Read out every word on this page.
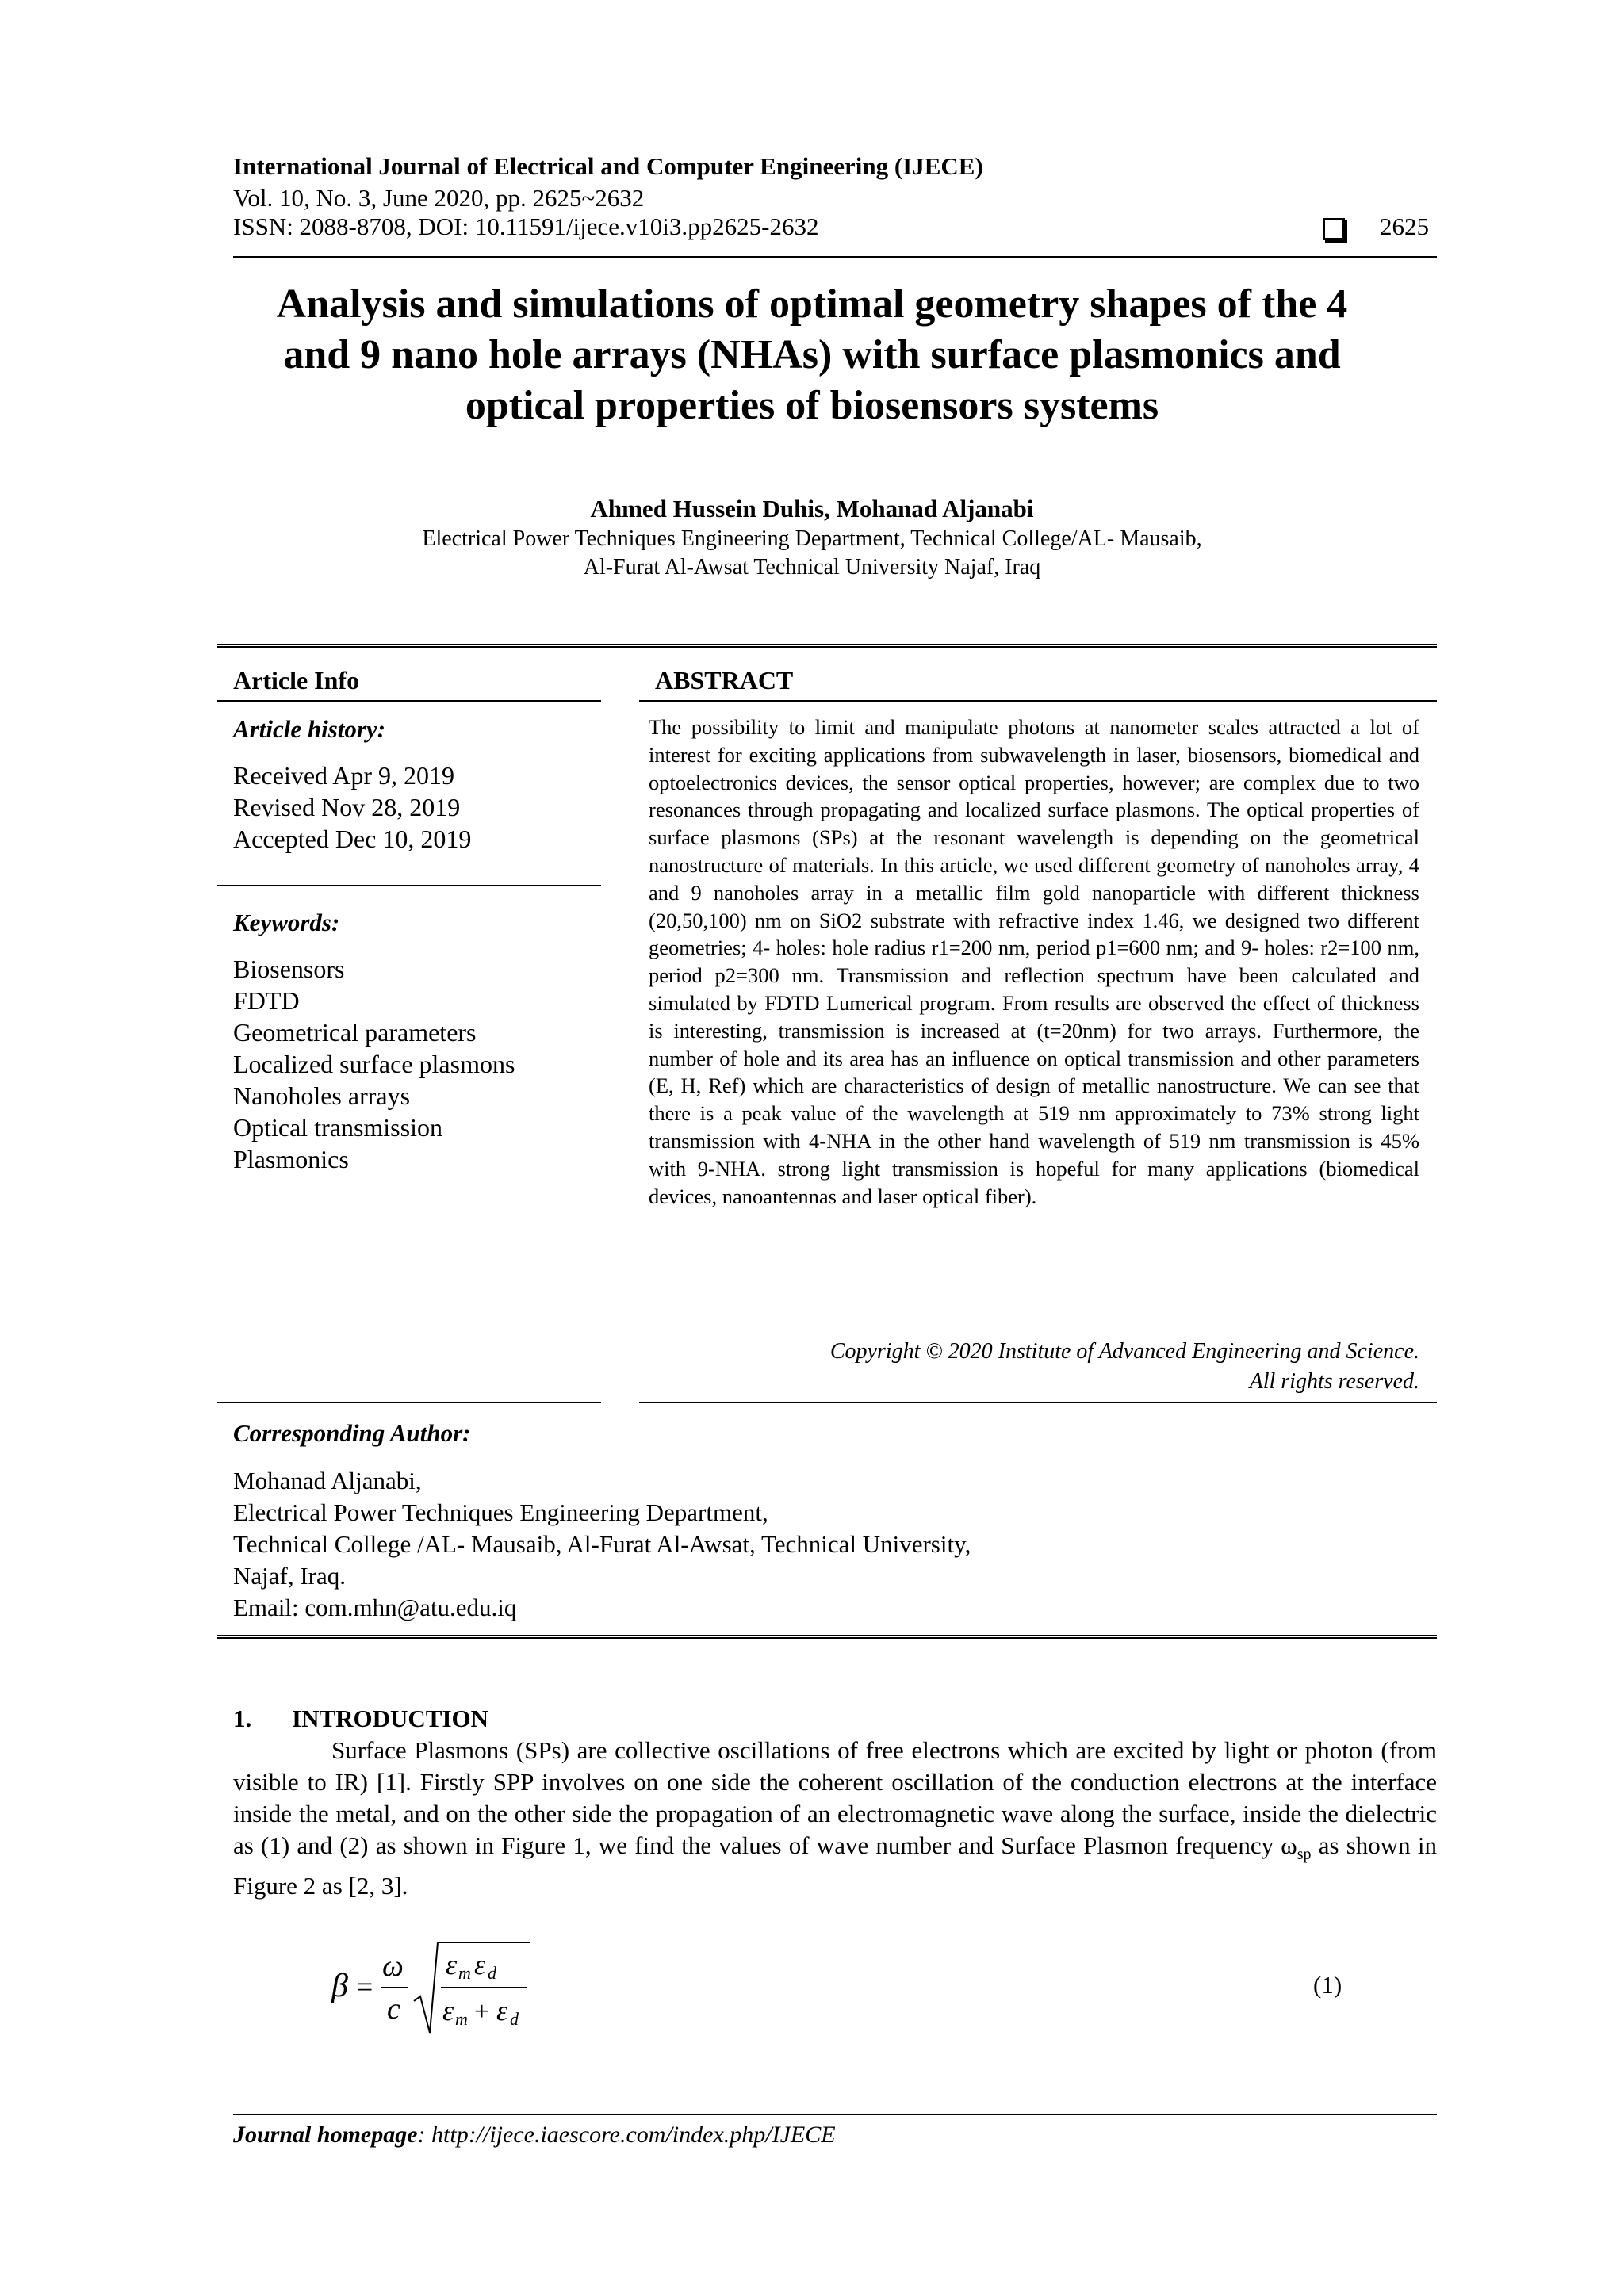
International Journal of Electrical and Computer Engineering (IJECE)
Vol. 10, No. 3, June 2020, pp. 2625~2632
ISSN: 2088-8708, DOI: 10.11591/ijece.v10i3.pp2625-2632	2625
Analysis and simulations of optimal geometry shapes of the 4
and 9 nano hole arrays (NHAs) with surface plasmonics and
optical properties of biosensors systems
Ahmed Hussein Duhis, Mohanad Aljanabi
Electrical Power Techniques Engineering Department, Technical College/AL- Mausaib,
Al-Furat Al-Awsat Technical University Najaf, Iraq
Article Info
Article history:
Received Apr 9, 2019
Revised Nov 28, 2019
Accepted Dec 10, 2019
Keywords:
Biosensors
FDTD
Geometrical parameters
Localized surface plasmons
Nanoholes arrays
Optical transmission
Plasmonics
ABSTRACT

The possibility to limit and manipulate photons at nanometer scales attracted a lot of interest for exciting applications from subwavelength in laser, biosensors, biomedical and optoelectronics devices, the sensor optical properties, however; are complex due to two resonances through propagating and localized surface plasmons. The optical properties of surface plasmons (SPs) at the resonant wavelength is depending on the geometrical nanostructure of materials. In this article, we used different geometry of nanoholes array, 4 and 9 nanoholes array in a metallic film gold nanoparticle with different thickness (20,50,100) nm on SiO2 substrate with refractive index 1.46, we designed two different geometries; 4- holes: hole radius r1=200 nm, period p1=600 nm; and 9- holes: r2=100 nm, period p2=300 nm. Transmission and reflection spectrum have been calculated and simulated by FDTD Lumerical program. From results are observed the effect of thickness is interesting, transmission is increased at (t=20nm) for two arrays. Furthermore, the number of hole and its area has an influence on optical transmission and other parameters (E, H, Ref) which are characteristics of design of metallic nanostructure. We can see that there is a peak value of the wavelength at 519 nm approximately to 73% strong light transmission with 4-NHA in the other hand wavelength of 519 nm transmission is 45% with 9-NHA. strong light transmission is hopeful for many applications (biomedical devices, nanoantennas and laser optical fiber).

Copyright © 2020 Institute of Advanced Engineering and Science.
All rights reserved.
Corresponding Author:
Mohanad Aljanabi,
Electrical Power Techniques Engineering Department,
Technical College /AL- Mausaib, Al-Furat Al-Awsat, Technical University,
Najaf, Iraq.
Email: com.mhn@atu.edu.iq
1. INTRODUCTION
Surface Plasmons (SPs) are collective oscillations of free electrons which are excited by light or photon (from visible to IR) [1]. Firstly SPP involves on one side the coherent oscillation of the conduction electrons at the interface inside the metal, and on the other side the propagation of an electromagnetic wave along the surface, inside the dielectric as (1) and (2) as shown in Figure 1, we find the values of wave number and Surface Plasmon frequency $\omega_{sp}$ as shown in Figure 2 as [2, 3].
β =
ω
c
ε m ε d
ε m + ε d
(1)
Journal homepage: http://ijece.iaescore.com/index.php/IJECE
